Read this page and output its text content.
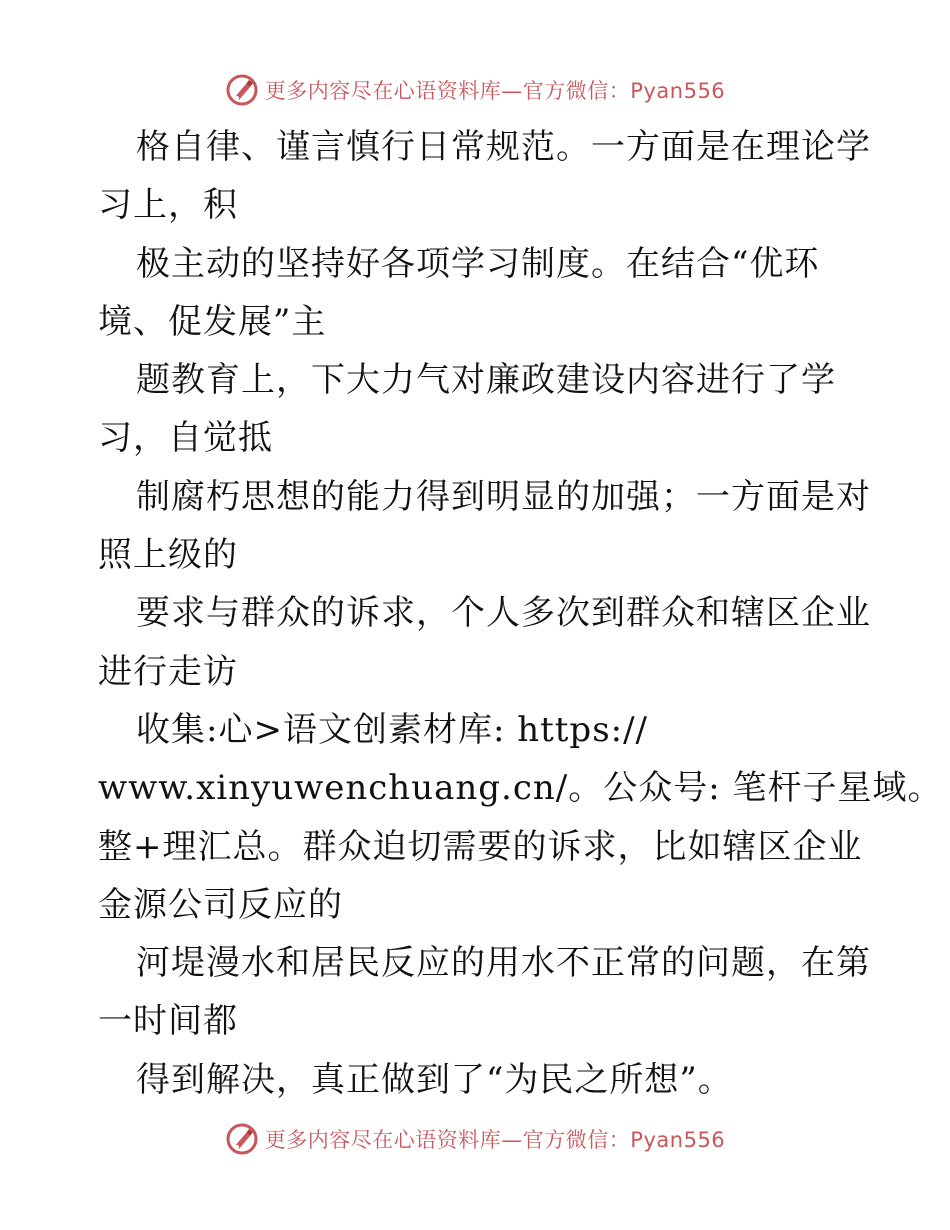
更多内容尽在心语资料库—官方微信：Pyan556
格自律、谨言慎行日常规范。一方面是在理论学
习上，积
极主动的坚持好各项学习制度。在结合“优环
境、促发展”主
题教育上，下大力气对廉政建设内容进行了学
习，自觉抵
制腐朽思想的能力得到明显的加强；一方面是对
照上级的
要求与群众的诉求，个人多次到群众和辖区企业
进行走访
收集:心>语文创素材库: https://
www.xinyuwenchuang.cn/。公众号: 笔杆子星域。
整+理汇总。群众迫切需要的诉求，比如辖区企业
金源公司反应的
河堤漫水和居民反应的用水不正常的问题，在第
一时间都
得到解决，真正做到了“为民之所想”。
更多内容尽在心语资料库—官方微信：Pyan556
